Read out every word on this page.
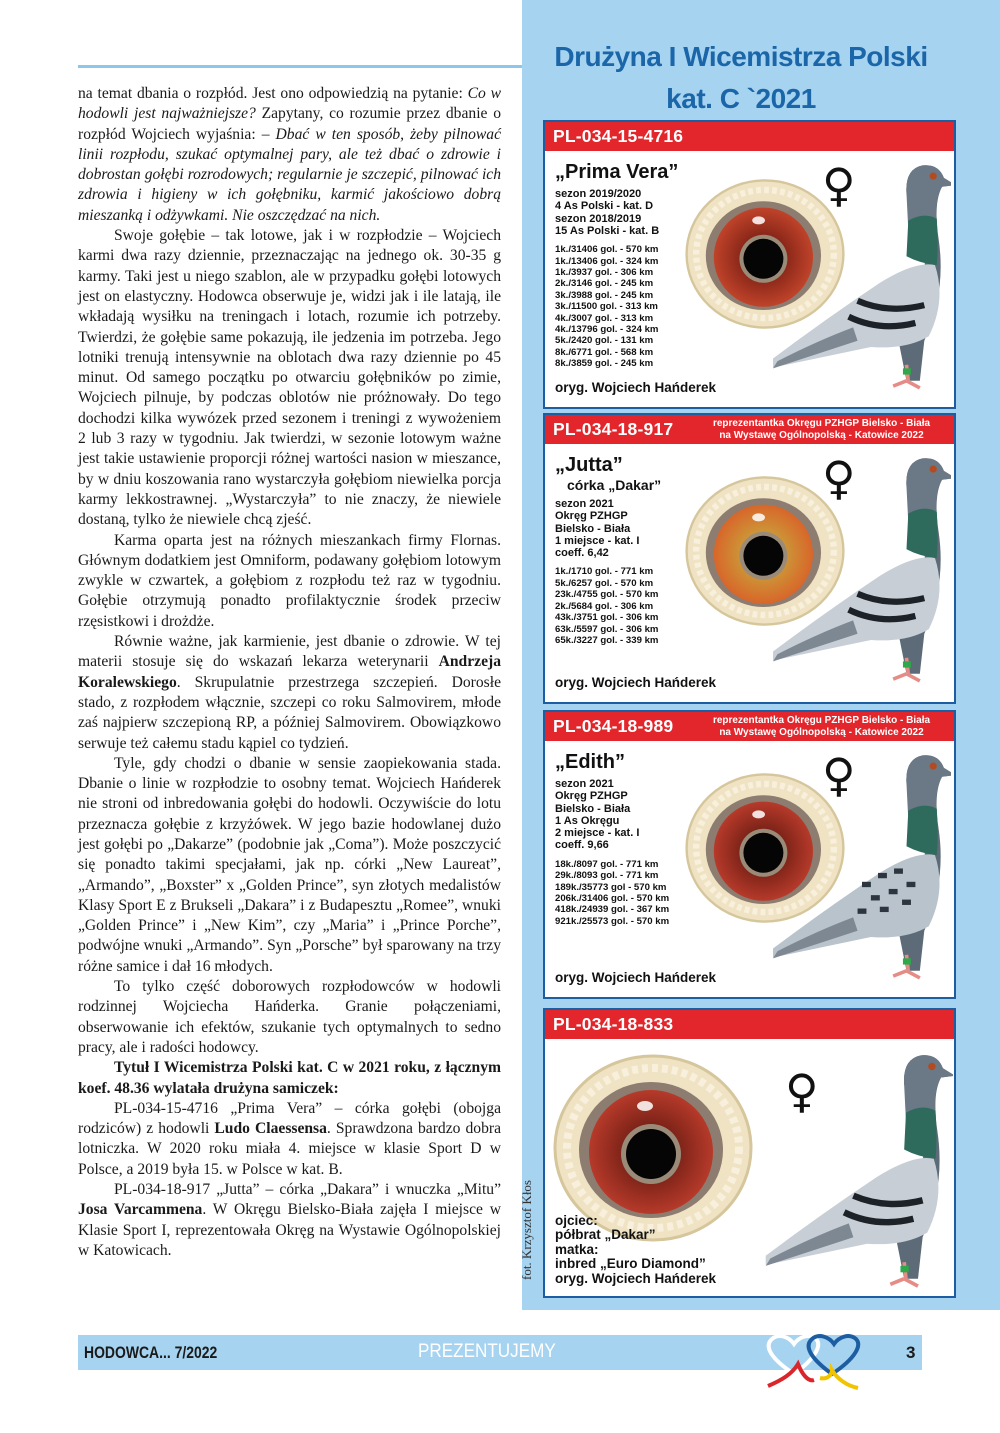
na temat dbania o rozpłód. Jest ono odpowiedzią na pytanie: Co w hodowli jest najważniejsze? Zapytany, co rozumie przez dbanie o rozpłód Wojciech wyjaśnia: – Dbać w ten sposób, żeby pilnować linii rozpłodu, szukać optymalnej pary, ale też dbać o zdrowie i dobrostan gołębi rozrodowych; regularnie je szczepić, pilnować ich zdrowia i higieny w ich gołębniku, karmić jakościowo dobrą mieszanką i odżywkami. Nie oszczędzać na nich.

Swoje gołębie – tak lotowe, jak i w rozpłodzie – Wojciech karmi dwa razy dziennie, przeznaczając na jednego ok. 30-35 g karmy. Taki jest u niego szablon, ale w przypadku gołębi lotowych jest on elastyczny. Hodowca obserwuje je, widzi jak i ile latają, ile wkładają wysiłku na treningach i lotach, rozumie ich potrzeby. Twierdzi, że gołębie same pokazują, ile jedzenia im potrzeba. Jego lotniki trenują intensywnie na oblotach dwa razy dziennie po 45 minut. Od samego początku po otwarciu gołębników po zimie, Wojciech pilnuje, by podczas oblotów nie próżnowały. Do tego dochodzi kilka wywózek przed sezonem i treningi z wywożeniem 2 lub 3 razy w tygodniu. Jak twierdzi, w sezonie lotowym ważne jest takie ustawienie proporcji różnej wartości nasion w mieszance, by w dniu koszowania rano wystarczyła gołębiom niewielka porcja karmy lekkostrawnej. „Wystarczyła” to nie znaczy, że niewiele dostaną, tylko że niewiele chcą zjeść.

Karma oparta jest na różnych mieszankach firmy Flornas. Głównym dodatkiem jest Omniform, podawany gołębiom lotowym zwykle w czwartek, a gołębiom z rozpłodu też raz w tygodniu. Gołębie otrzymują ponadto profilaktycznie środek przeciw rzęsistkowi i drożdże.

Równie ważne, jak karmienie, jest dbanie o zdrowie. W tej materii stosuje się do wskazań lekarza weterynarii Andrzeja Koralewskiego. Skrupulatnie przestrzega szczepień. Dorosłe stado, z rozpłodem włącznie, szczepi co roku Salmovirem, młode zaś najpierw szczepioną RP, a później Salmovirem. Obowiązkowo serwuje też całemu stadu kąpiel co tydzień.

Tyle, gdy chodzi o dbanie w sensie zaopiekowania stada. Dbanie o linie w rozpłodzie to osobny temat. Wojciech Hańderek nie stroni od inbredowania gołębi do hodowli. Oczywiście do lotu przeznacza gołębie z krzyżówek. W jego bazie hodowlanej dużo jest gołębi po „Dakarze” (podobnie jak „Coma”). Może poszczycić się ponadto takimi specjałami, jak np. córki „New Laureat”, „Armando”, „Boxster” x „Golden Prince”, syn złotych medalistów Klasy Sport E z Brukseli „Dakara” i z Budapesztu „Romee”, wnuki „Golden Prince” i „New Kim”, czy „Maria” i „Prince Porche”, podwójne wnuki „Armando”. Syn „Porsche” był sparowany na trzy różne samice i dał 16 młodych.

To tylko część doborowych rozpłodowców w hodowli rodzinnej Wojciecha Hańderka. Granie połączeniami, obserwowanie ich efektów, szukanie tych optymalnych to sedno pracy, ale i radości hodowcy.

Tytuł I Wicemistrza Polski kat. C w 2021 roku, z łącznym koef. 48.36 wylatała drużyna samiczek:

PL-034-15-4716 „Prima Vera” – córka gołębi (obojga rodziców) z hodowli Ludo Claessensa. Sprawdzona bardzo dobra lotniczka. W 2020 roku miała 4. miejsce w klasie Sport D w Polsce, a 2019 była 15. w Polsce w kat. B.

PL-034-18-917 „Jutta” – córka „Dakara” i wnuczka „Mitu” Josa Varcammena. W Okręgu Bielsko-Biała zajęła I miejsce w Klasie Sport I, reprezentowała Okręg na Wystawie Ogólnopolskiej w Katowicach.

Drużyna I Wicemistrza Polski
kat. C `2021
PL-034-15-4716
„Prima Vera”
sezon 2019/2020
4 As Polski - kat. D
sezon 2018/2019
15 As Polski - kat. B
1k./31406 gol. - 570 km
1k./13406 gol. - 324 km
1k./3937 gol. - 306 km
2k./3146 gol. - 245 km
3k./3988 gol. - 245 km
3k./11500 gol. - 313 km
4k./3007 gol. - 313 km
4k./13796 gol. - 324 km
5k./2420 gol. - 131 km
8k./6771 gol. - 568 km
8k./3859 gol. - 245 km
oryg. Wojciech Hańderek
♀
PL-034-18-917	reprezentantka Okręgu PZHGP Bielsko - Biała
na Wystawę Ogólnopolską - Katowice 2022
„Jutta”
córka „Dakar”
sezon 2021
Okręg PZHGP
Bielsko - Biała
1 miejsce - kat. I
coeff. 6,42
1k./1710 gol. - 771 km
5k./6257 gol. - 570 km
23k./4755 gol. - 570 km
2k./5684 gol. - 306 km
43k./3751 gol. - 306 km
63k./5597 gol. - 306 km
65k./3227 gol. - 339 km
oryg. Wojciech Hańderek
♀
PL-034-18-989	reprezentantka Okręgu PZHGP Bielsko - Biała
na Wystawę Ogólnopolską - Katowice 2022
„Edith”
sezon 2021
Okręg PZHGP
Bielsko - Biała
1 As Okręgu
2 miejsce - kat. I
coeff. 9,66
18k./8097 gol. - 771 km
29k./8093 gol. - 771 km
189k./35773 gol - 570 km
206k./31406 gol. - 570 km
418k./24939 gol. - 367 km
921k./25573 gol. - 570 km
oryg. Wojciech Hańderek
♀
PL-034-18-833
ojciec:
półbrat „Dakar”
matka:
inbred „Euro Diamond”
oryg. Wojciech Hańderek
♀
fot. Krzysztof Kłos
HODOWCA... 7/2022	PREZENTUJEMY	3
